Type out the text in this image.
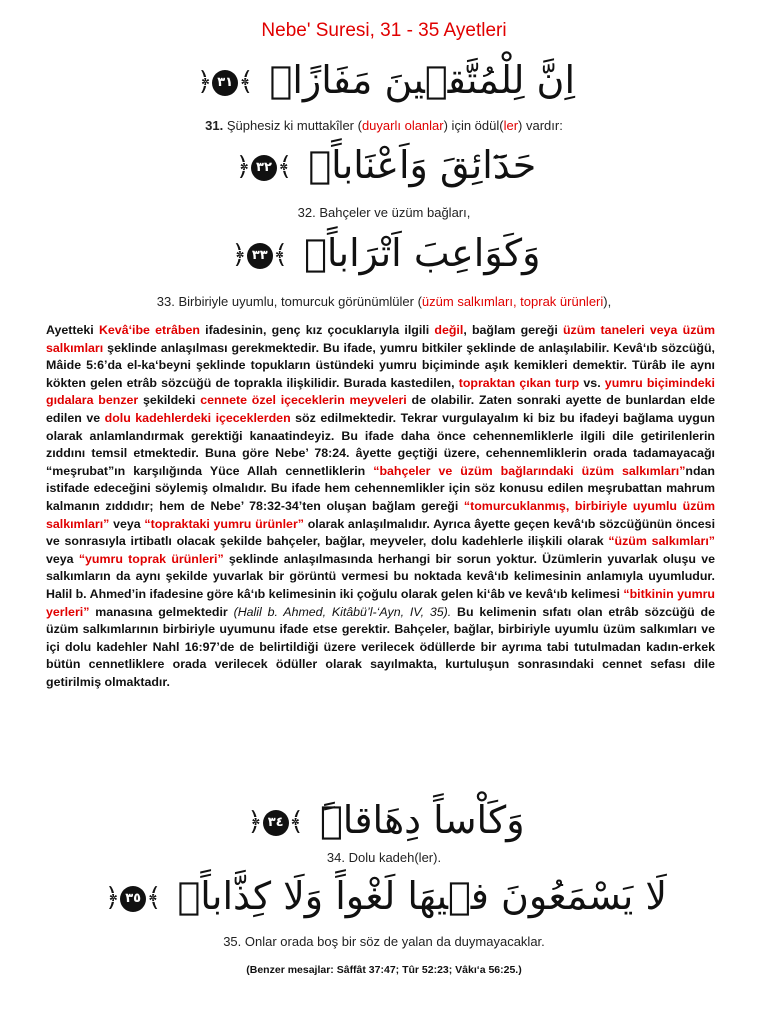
Nebe' Suresi, 31 - 35 Ayetleri
اِنَّ لِلْمُتَّق۪ينَ مَفَازًاۙ ﴿ ٣١ ﴾
31. Şüphesiz ki muttakîler (duyarlı olanlar) için ödül(ler) vardır:
حَدَٓائِقَ وَاَعْنَاباًۙ ﴿ ٣٢ ﴾
32. Bahçeler ve üzüm bağları,
وَكَوَاعِبَ اَتْرَاباًۙ ﴿ ٣٣ ﴾
33. Birbiriyle uyumlu, tomurcuk görünümlüler (üzüm salkımları, toprak ürünleri),
Ayetteki Kevâ‘ibe etrâben ifadesinin, genç kız çocuklarıyla ilgili değil, bağlam gereği üzüm taneleri veya üzüm salkımları şeklinde anlaşılması gerekmektedir. Bu ifade, yumru bitkiler şeklinde de anlaşılabilir. Kevâ‘ıb sözcüğü, Mâide 5:6’da el-ka‘beyni şeklinde topukların üstündeki yumru biçiminde aşık kemikleri demektir. Türâb ile aynı kökten gelen etrâb sözcüğü de toprakla ilişkilidir. Burada kastedilen, topraktan çıkan turp vs. yumru biçimindeki gıdalara benzer şekildeki cennete özel içeceklerin meyveleri de olabilir. Zaten sonraki ayette de bunlardan elde edilen ve dolu kadehlerdeki içeceklerden söz edilmektedir. Tekrar vurgulayalım ki biz bu ifadeyi bağlama uygun olarak anlamlandırmak gerektiği kanaatindeyiz. Bu ifade daha önce cehennemliklerle ilgili dile getirilenlerin zıddını temsil etmektedir. Buna göre Nebe’ 78:24. âyette geçtiği üzere, cehennemliklerin orada tadamayacağı “meşrubat”ın karşılığında Yüce Allah cennetliklerin “bahçeler ve üzüm bağlarındaki üzüm salkımları”ndan istifade edeceğini söylemiş olmalıdır. Bu ifade hem cehennemlikler için söz konusu edilen meşrubattan mahrum kalmanın zıddıdır; hem de Nebe’ 78:32-34’ten oluşan bağlam gereği “tomurcuklanmış, birbiriyle uyumlu üzüm salkımları” veya “topraktaki yumru ürünler” olarak anlaşılmalıdır. Ayrıca âyette geçen kevâ‘ıb sözcüğünün öncesi ve sonrasıyla irtibatlı olacak şekilde bahçeler, bağlar, meyveler, dolu kadehlerle ilişkili olarak “üzüm salkımları” veya “yumru toprak ürünleri” şeklinde anlaşılmasında herhangi bir sorun yoktur. Üzümlerin yuvarlak oluşu ve salkımların da aynı şekilde yuvarlak bir görüntü vermesi bu noktada kevâ‘ıb kelimesinin anlamıyla uyumludur. Halil b. Ahmed’in ifadesine göre kâ‘ıb kelimesinin iki çoğulu olarak gelen ki‘âb ve kevâ‘ıb kelimesi “bitkinin yumru yerleri” manasına gelmektedir (Halil b. Ahmed, Kitâbü’l-‘Ayn, IV, 35). Bu kelimenin sıfatı olan etrâb sözcüğü de üzüm salkımlarının birbiriyle uyumunu ifade etse gerektir. Bahçeler, bağlar, birbiriyle uyumlu üzüm salkımları ve içi dolu kadehler Nahl 16:97’de de belirtildiği üzere verilecek ödüllerde bir ayrıma tabi tutulmadan kadın-erkek bütün cennetliklere orada verilecek ödüller olarak sayılmakta, kurtuluşun sonrasındaki cennet sefası dile getirilmiş olmaktadır.
وَكَاْساً دِهَاقاًۜ ﴿ ٣٤ ﴾
34. Dolu kadeh(ler).
لَا يَسْمَعُونَ ف۪يهَا لَغْواً وَلَا كِذَّاباًۚ ﴿ ٣٥ ﴾
35. Onlar orada boş bir söz de yalan da duymayacaklar.
(Benzer mesajlar: Sâffât 37:47; Tûr 52:23; Vâkı‘a 56:25.)
